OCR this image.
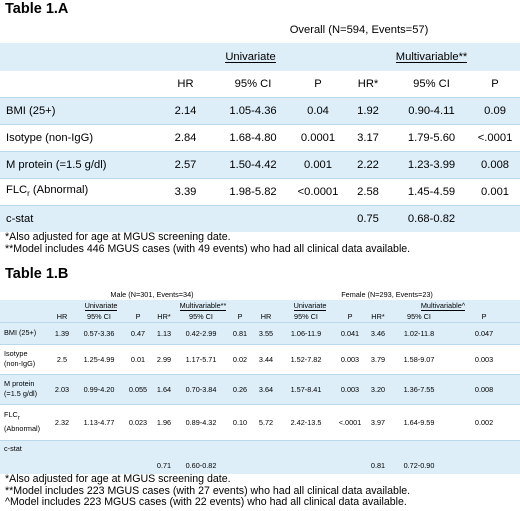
Table 1.A
	Overall (N=594, Events=57)					
	Univariate			Multivariable**		
	HR	95% CI	P	HR*	95% CI	P
BMI (25+)	2.14	1.05-4.36	0.04	1.92	0.90-4.11	0.09
Isotype (non-IgG)	2.84	1.68-4.80	0.0001	3.17	1.79-5.60	<.0001
M protein (=1.5 g/dl)	2.57	1.50-4.42	0.001	2.22	1.23-3.99	0.008
$FLC_r$ (Abnormal)	3.39	1.98-5.82	<0.0001	2.58	1.45-4.59	0.001
c-stat				0.75	0.68-0.82	
*Also adjusted for age at MGUS screening date.
**Model includes 446 MGUS cases (with 49 events) who had all clinical data available.
Table 1.B
	Male (N=301, Events=34)						Female (N=293, Events=23)					
	Univariate			Multivariable**			Univariate			Multivariable^		
	HR	95% CI	P	HR*	95% CI	P	HR	95% CI	P	HR*	95% CI	P

BMI (25+)	1.39	0.57-3.36	0.47	1.13	0.42-2.99	0.81	3.55	1.06-11.9	0.041	3.46	1.02-11.8	0.047

Isotype
(non-IgG)	2.5	1.25-4.99	0.01	2.99	1.17-5.71	0.02	3.44	1.52-7.82	0.003	3.79	1.58-9.07	0.003

M protein
(=1.5 g/dl)	2.03	0.99-4.20	0.055	1.64	0.70-3.84	0.26	3.64	1.57-8.41	0.003	3.20	1.36-7.55	0.008

$FLC_r$
(Abnormal)	2.32	1.13-4.77	0.023	1.96	0.89-4.32	0.10	5.72	2.42-13.5	<.0001	3.97	1.64-9.59	0.002

c-stat				0.71	0.60-0.82					0.81	0.72-0.90	
*Also adjusted for age at MGUS screening date.
**Model includes 223 MGUS cases (with 27 events) who had all clinical data available.
^Model includes 223 MGUS cases (with 22 events) who had all clinical data available.
